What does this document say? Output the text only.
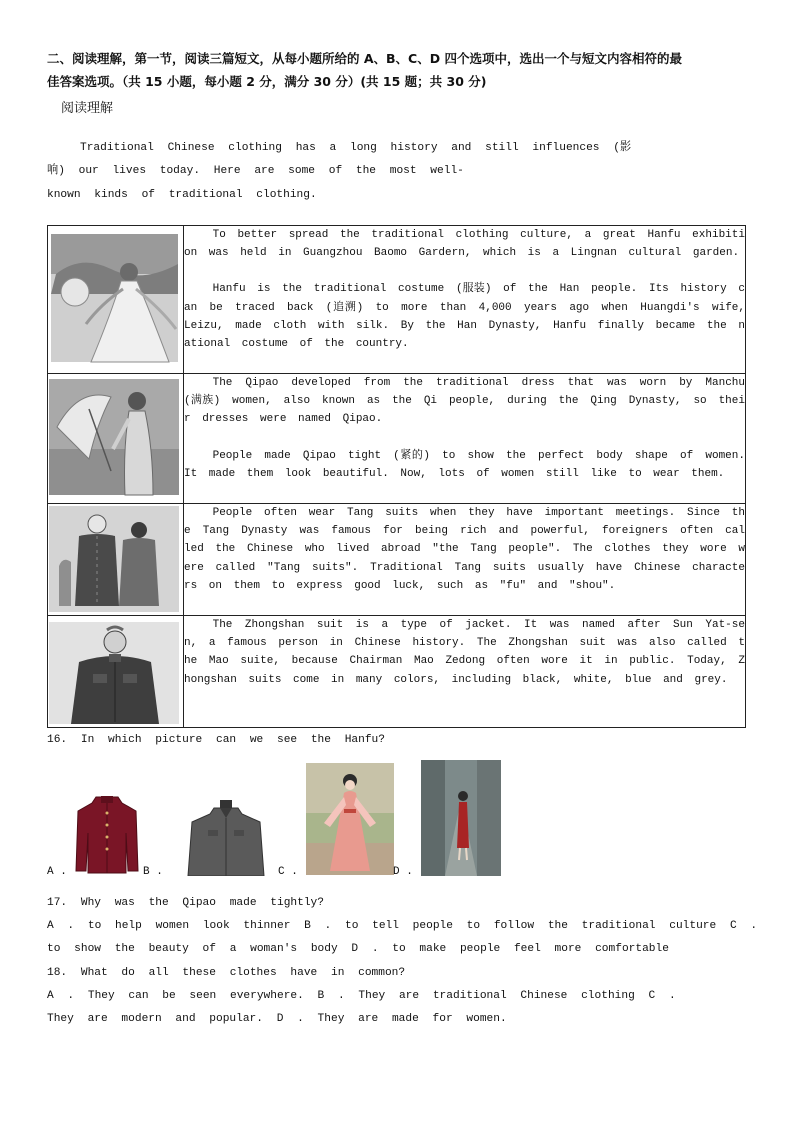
二、阅读理解，第一节，阅读三篇短文，从每小题所给的 A、B、C、D 四个选项中，选出一个与短文内容相符的最
佳答案选项。（共 15 小题，每小题 2 分，满分 30 分）(共 15 题；共 30 分)
阅读理解
Traditional Chinese clothing has a long history and still influences (影
响) our lives today. Here are some of the most well-
known kinds of traditional clothing.

To better spread the traditional clothing culture, a great Hanfu exhibition was held in Guangzhou Baomo Gardern, which is a Lingnan cultural garden.

Hanfu is the traditional costume (服装) of the Han people. Its history can be traced back (追溯) to more than 4,000 years ago when Huangdi's wife, Leizu, made cloth with silk. By the Han Dynasty, Hanfu finally became the national costume of the country.

The Qipao developed from the traditional dress that was worn by Manchu (满族) women, also known as the Qi people, during the Qing Dynasty, so their dresses were named Qipao.

People made Qipao tight (紧的) to show the perfect body shape of women. It made them look beautiful. Now, lots of women still like to wear them.

People often wear Tang suits when they have important meetings. Since the Tang Dynasty was famous for being rich and powerful, foreigners often called the Chinese who lived abroad "the Tang people". The clothes they wore were called "Tang suits". Traditional Tang suits usually have Chinese characters on them to express good luck, such as "fu" and "shou".

The Zhongshan suit is a type of jacket. It was named after Sun Yat-sen, a famous person in Chinese history. The Zhongshan suit was also called the Mao suite, because Chairman Mao Zedong often wore it in public. Today, Zhongshan suits come in many colors, including black, white, blue and grey.

16. In which picture can we see the Hanfu?
A .	B .	C .	D .
17. Why was the Qipao made tightly?
A . to help women look thinner B . to tell people to follow the traditional culture C .
to show the beauty of a woman's body D . to make people feel more comfortable
18. What do all these clothes have in common?
A . They can be seen everywhere. B . They are traditional Chinese clothing C .
They are modern and popular. D . They are made for women.
